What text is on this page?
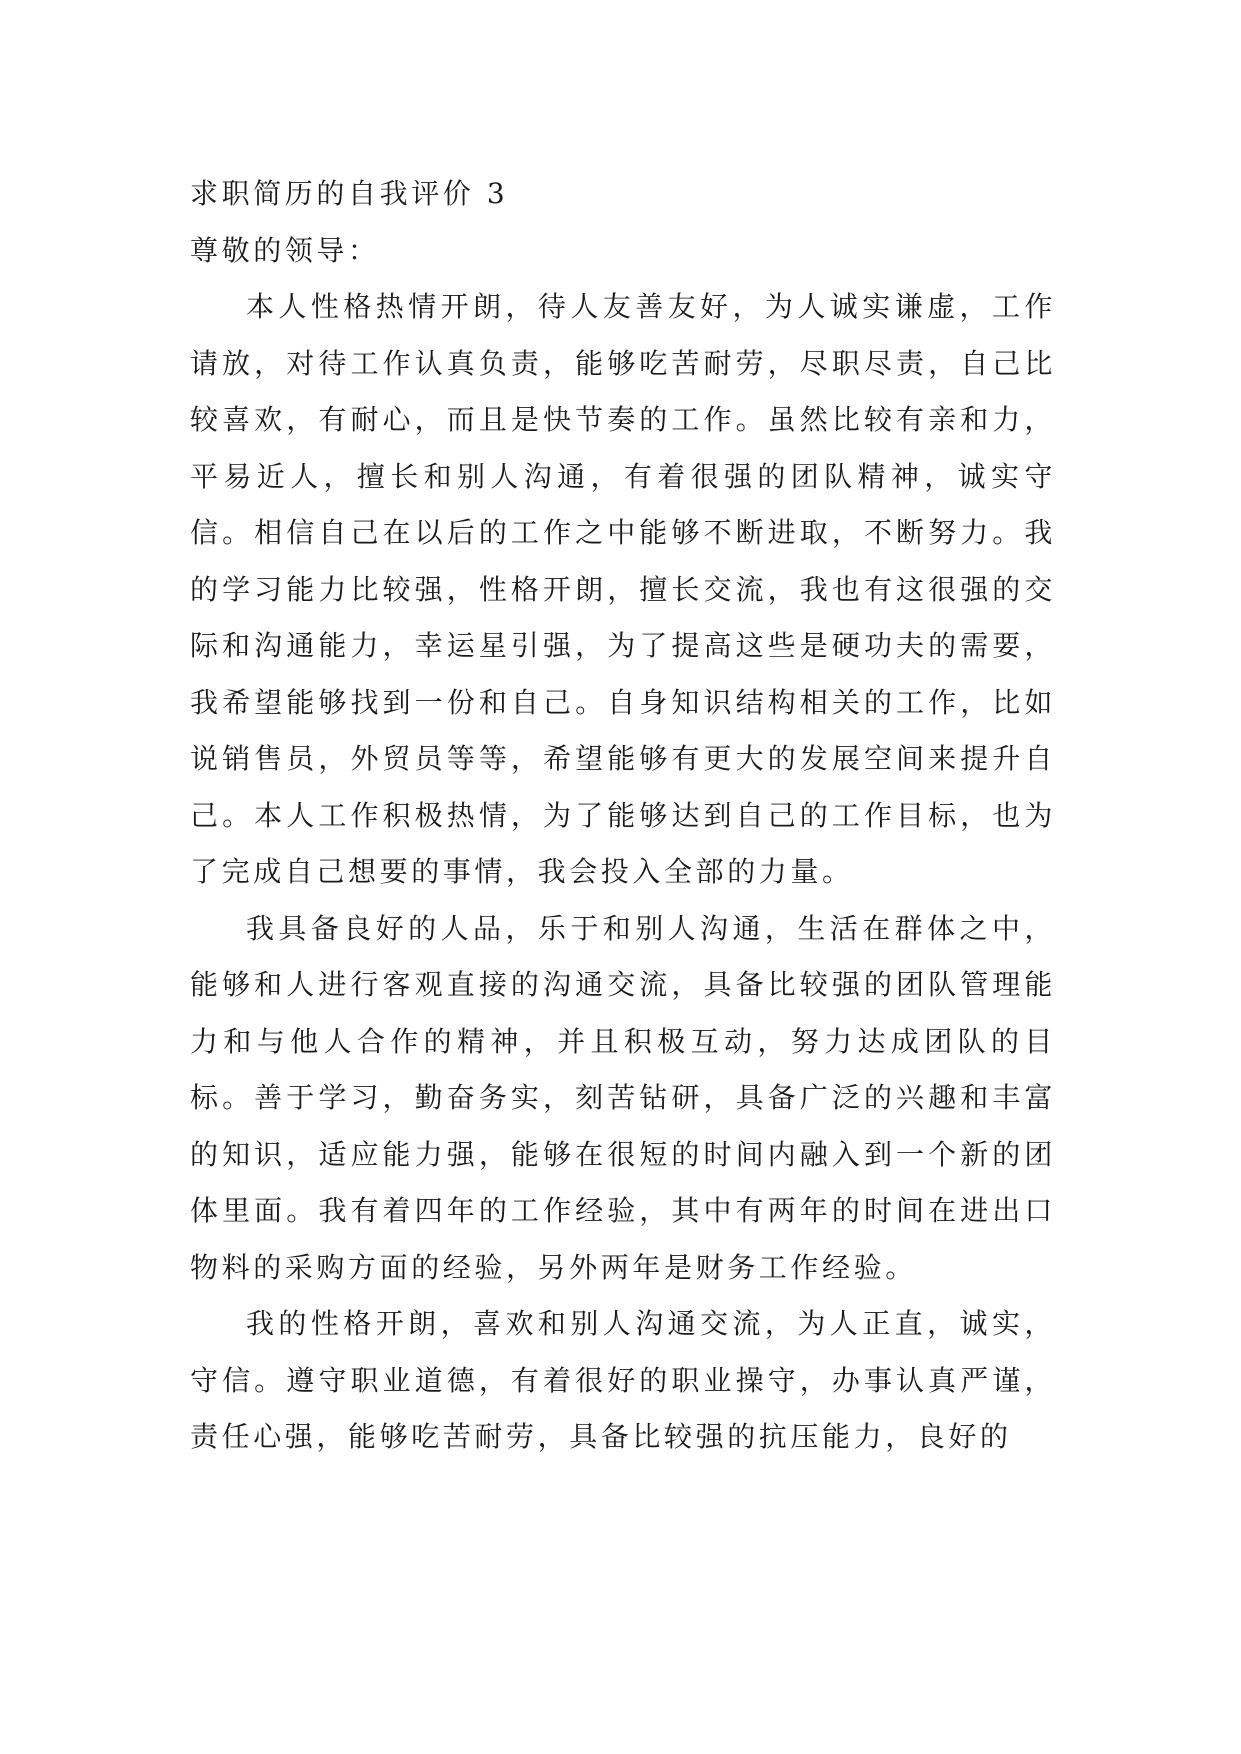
求职简历的自我评价 3

尊敬的领导：

本人性格热情开朗，待人友善友好，为人诚实谦虚，工作请放，对待工作认真负责，能够吃苦耐劳，尽职尽责，自己比较喜欢，有耐心，而且是快节奏的工作。虽然比较有亲和力，平易近人，擅长和别人沟通，有着很强的团队精神，诚实守信。相信自己在以后的工作之中能够不断进取，不断努力。我的学习能力比较强，性格开朗，擅长交流，我也有这很强的交际和沟通能力，幸运星引强，为了提高这些是硬功夫的需要，我希望能够找到一份和自己。自身知识结构相关的工作，比如说销售员，外贸员等等，希望能够有更大的发展空间来提升自己。本人工作积极热情，为了能够达到自己的工作目标，也为了完成自己想要的事情，我会投入全部的力量。

我具备良好的人品，乐于和别人沟通，生活在群体之中，能够和人进行客观直接的沟通交流，具备比较强的团队管理能力和与他人合作的精神，并且积极互动，努力达成团队的目标。善于学习，勤奋务实，刻苦钻研，具备广泛的兴趣和丰富的知识，适应能力强，能够在很短的时间内融入到一个新的团体里面。我有着四年的工作经验，其中有两年的时间在进出口物料的采购方面的经验，另外两年是财务工作经验。

我的性格开朗，喜欢和别人沟通交流，为人正直，诚实，守信。遵守职业道德，有着很好的职业操守，办事认真严谨，责任心强，能够吃苦耐劳，具备比较强的抗压能力，良好的
